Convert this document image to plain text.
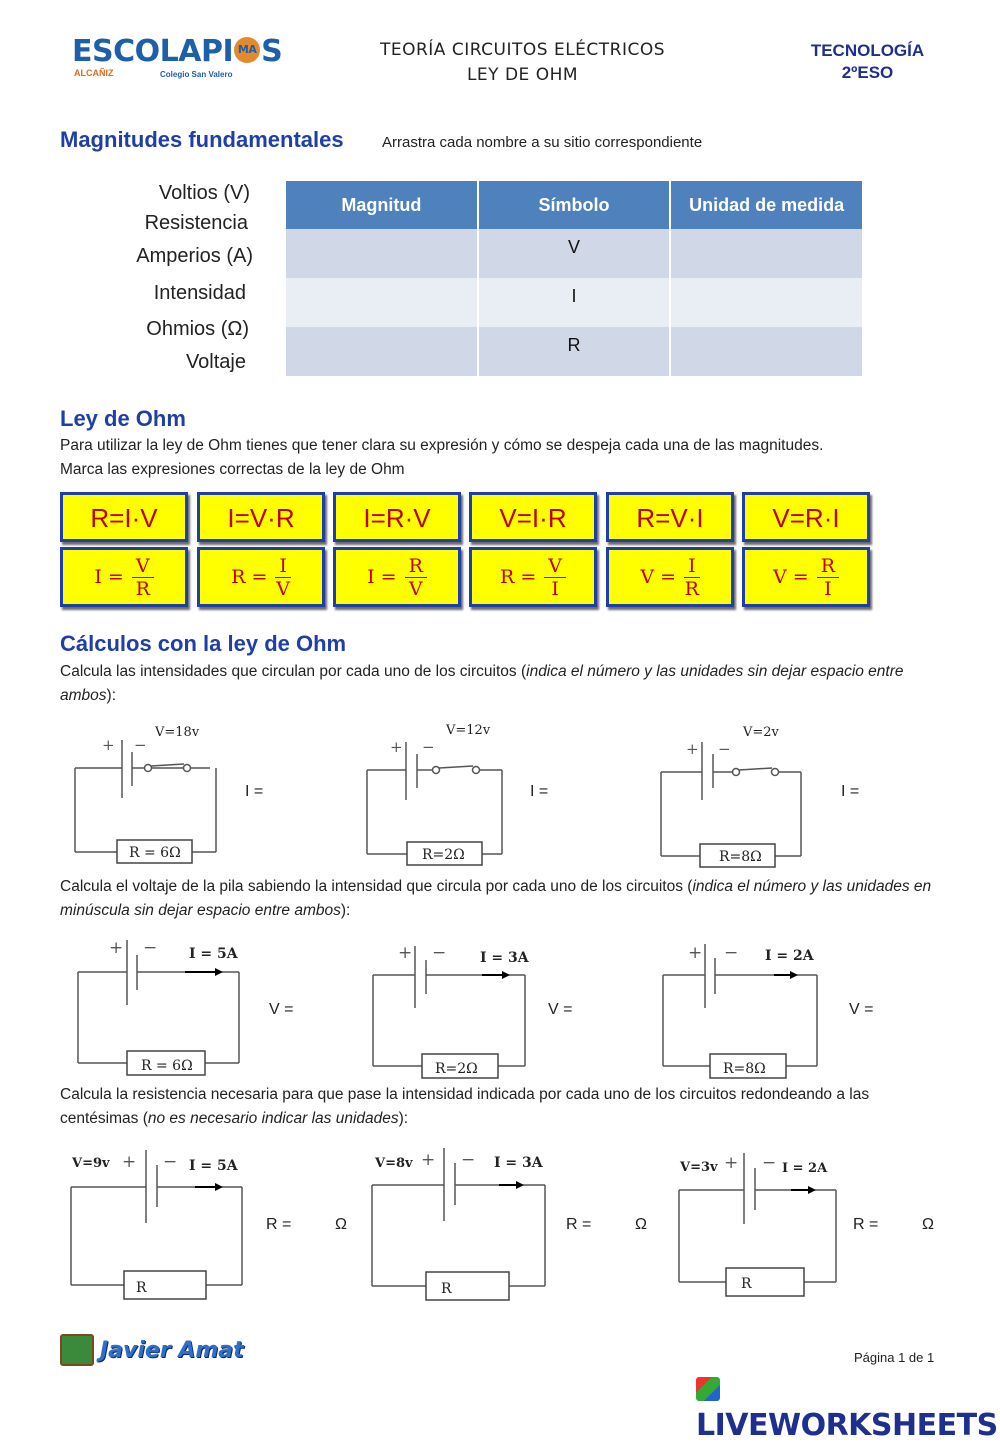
ESCOLAPI ΜΑ S
ALCAÑIZ	Colegio San Valero
TEORÍA CIRCUITOS ELÉCTRICOS
LEY DE OHM
TECNOLOGÍA
2ºESO
Magnitudes fundamentales	Arrastra cada nombre a su sitio correspondiente
Voltios (V)
Resistencia
Amperios (A)
Intensidad
Ohmios (Ω)
Voltaje
Magnitud	Símbolo	Unidad de medida
	V	
	I	
	R	
Ley de Ohm
Para utilizar la ley de Ohm tienes que tener clara su expresión y cómo se despeja cada una de las magnitudes.
Marca las expresiones correctas de la ley de Ohm
R=I·V	I=V·R	I=R·V	V=I·R	R=V·I	V=R·I
$I = \frac{V}{R}$	$R = \frac{I}{V}$	$I = \frac{R}{V}$	$R = \frac{V}{I}$	$V = \frac{I}{R}$	$V = \frac{R}{I}$
Cálculos con la ley de Ohm
Calcula las intensidades que circulan por cada uno de los circuitos (indica el número y las unidades sin dejar espacio entre ambos):
+ −
V=18v
R = 6Ω
I =
+ −
V=12v
R=2Ω
I =
+ −
V=2v
R=8Ω
I =
Calcula el voltaje de la pila sabiendo la intensidad que circula por cada uno de los circuitos (indica el número y las unidades en minúscula sin dejar espacio entre ambos):
+ − I = 5A
R = 6Ω
V =
+ − I = 3A
R=2Ω
V =
+ − I = 2A
R=8Ω
V =
Calcula la resistencia necesaria para que pase la intensidad indicada por cada uno de los circuitos redondeando a las centésimas (no es necesario indicar las unidades):
V=9v + − I = 5A
R
R =	Ω
V=8v + − I = 3A
R
R =	Ω
V=3v + − I = 2A
R
R =	Ω
Javier Amat	Página 1 de 1
LIVEWORKSHEETS
